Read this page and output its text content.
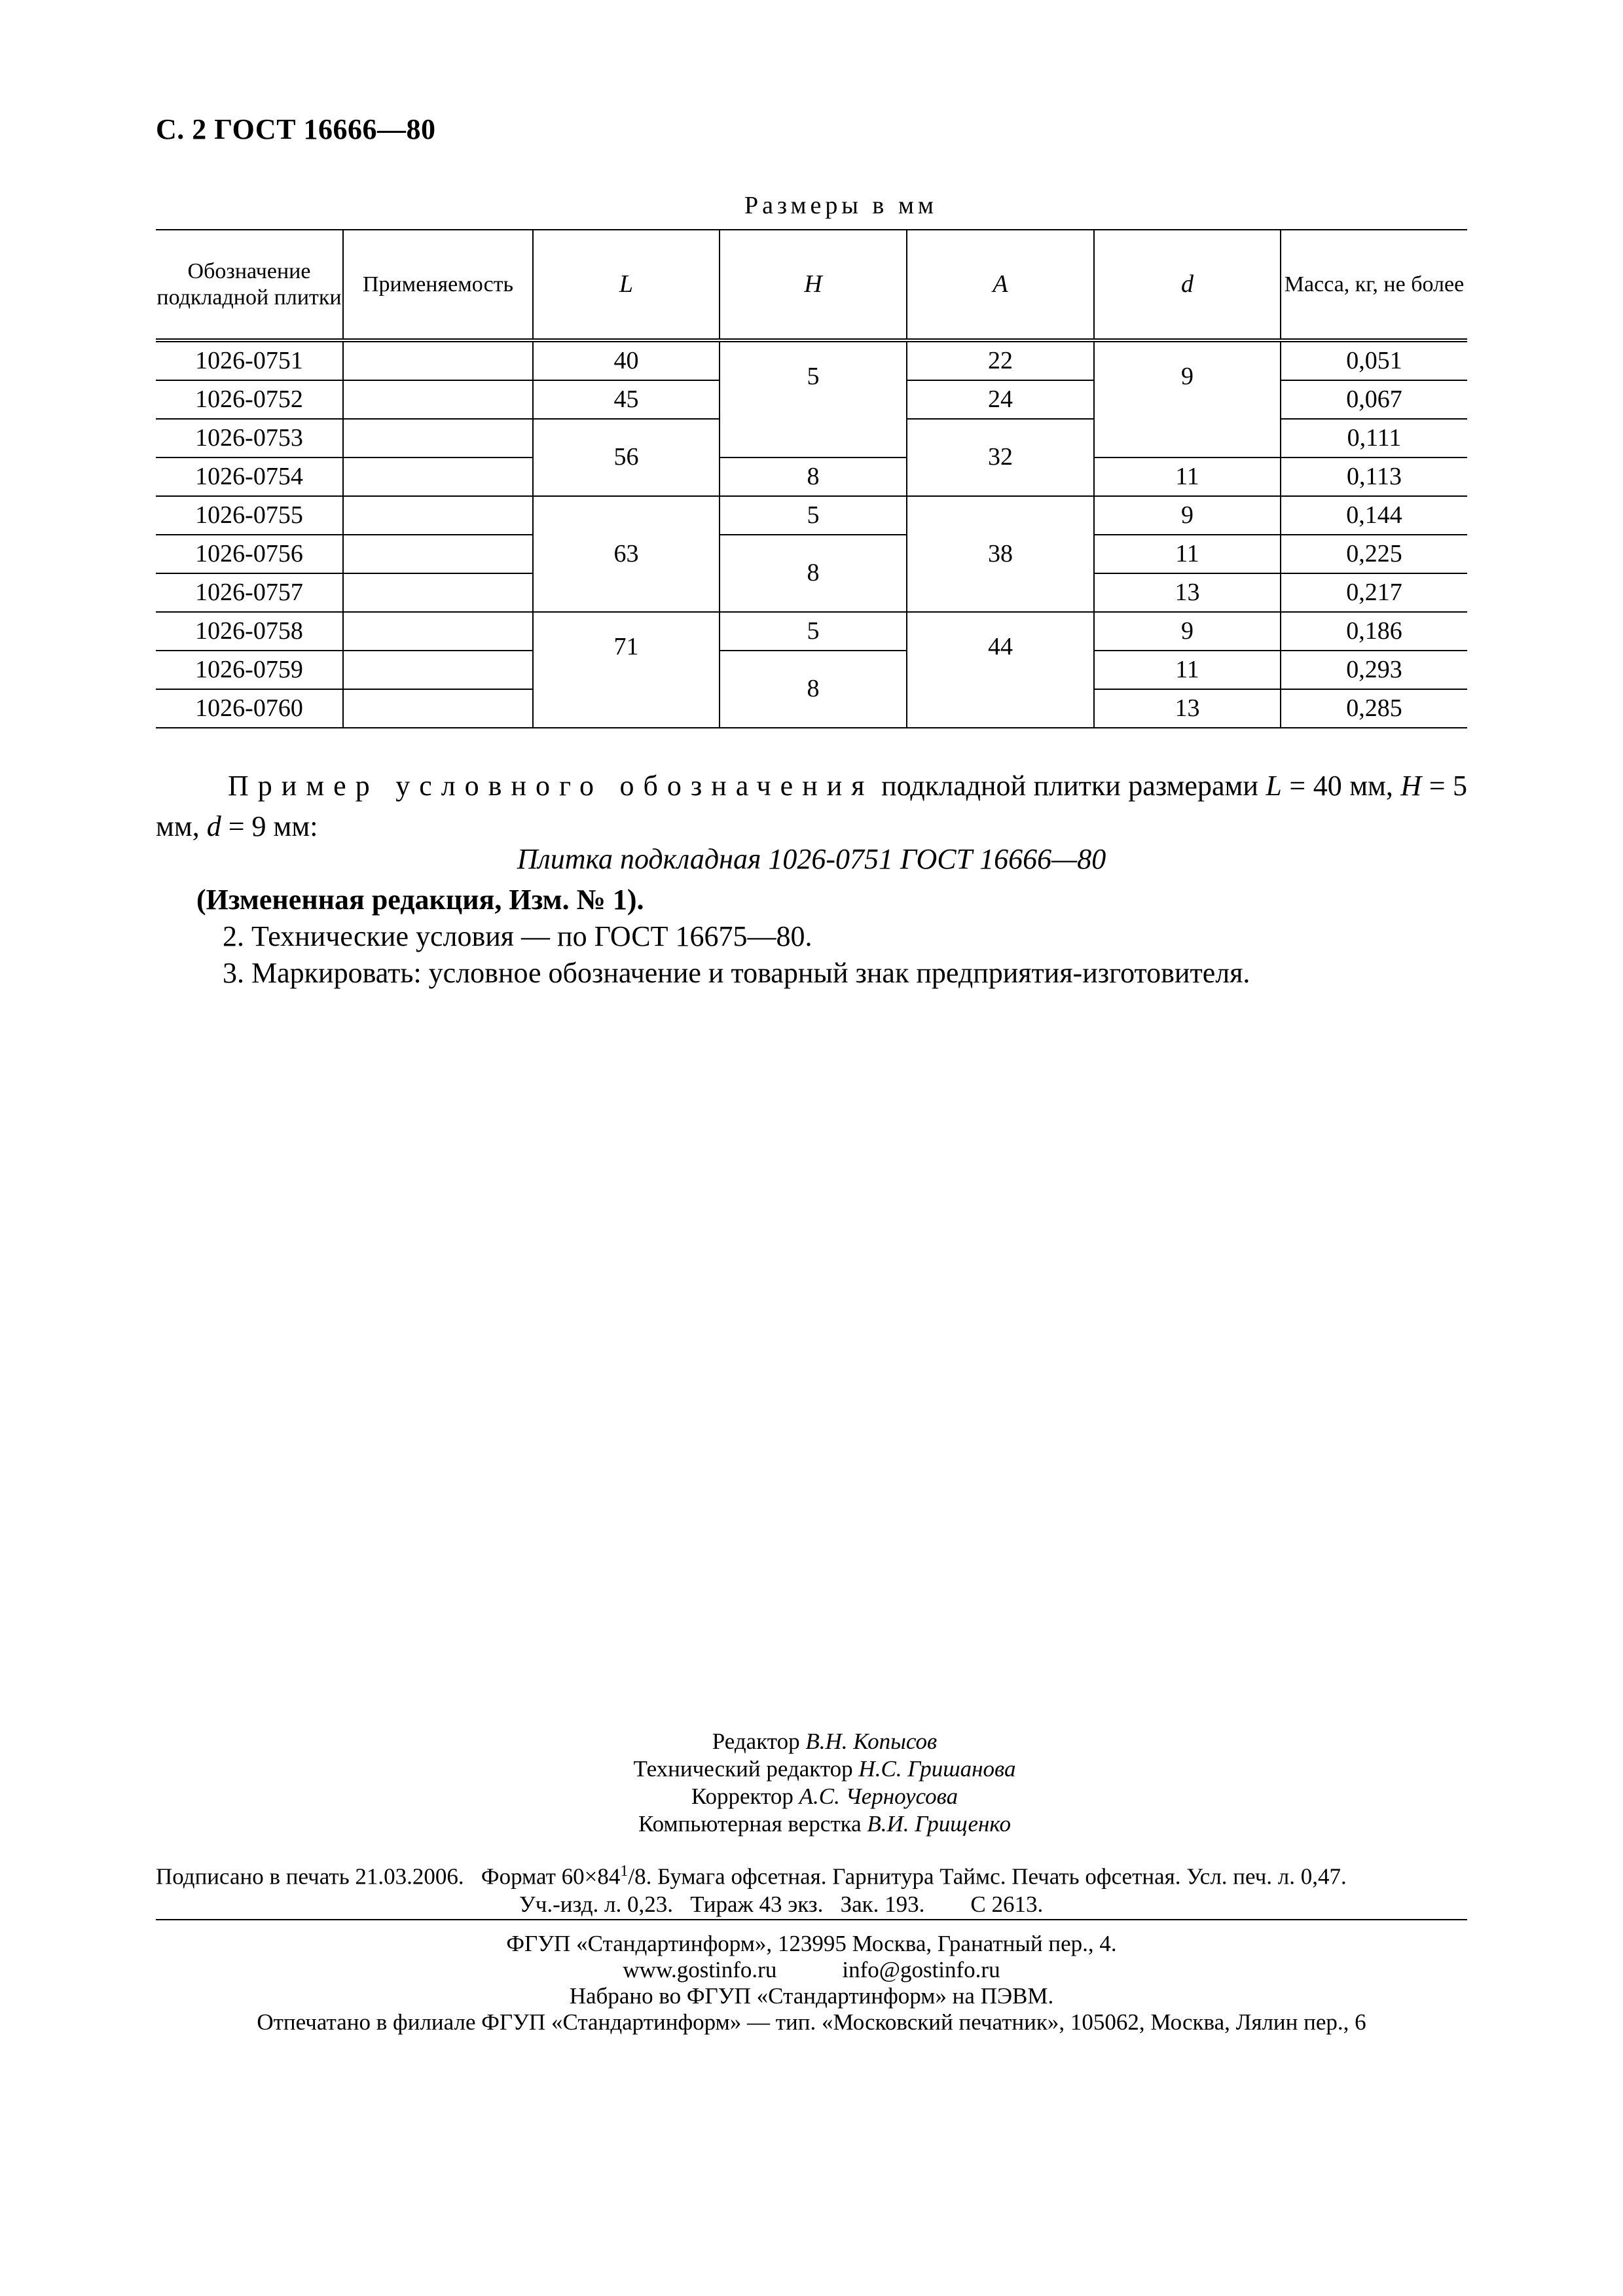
С. 2 ГОСТ 16666—80
Размеры в мм
Обозначение подкладной плитки	Применяемость	L	H	A	d	Масса, кг, не более
1026-0751		40	5	22	9	0,051
1026-0752		45		24		0,067
1026-0753		56		32		0,111
1026-0754			8		11	0,113
1026-0755		63	5	38	9	0,144
1026-0756			8		11	0,225
1026-0757					13	0,217
1026-0758		71	5	44	9	0,186
1026-0759			8		11	0,293
1026-0760					13	0,285
Пример условного обозначения подкладной плитки размерами L = 40 мм, H = 5 мм, d = 9 мм:
Плитка подкладная 1026-0751 ГОСТ 16666—80
(Измененная редакция, Изм. № 1).
2. Технические условия — по ГОСТ 16675—80.
3. Маркировать: условное обозначение и товарный знак предприятия-изготовителя.
Редактор В.Н. Копысов
Технический редактор Н.С. Гришанова
Корректор А.С. Черноусова
Компьютерная верстка В.И. Грищенко
Подписано в печать 21.03.2006. Формат $60\times 84^1/8$. Бумага офсетная. Гарнитура Таймс. Печать офсетная. Усл. печ. л. 0,47.
Уч.-изд. л. 0,23.   Тираж 43 экз.   Зак. 193.        С 2613.
ФГУП «Стандартинформ», 123995 Москва, Гранатный пер., 4.
www.gostinfo.ru	info@gostinfo.ru
Набрано во ФГУП «Стандартинформ» на ПЭВМ.
Отпечатано в филиале ФГУП «Стандартинформ» — тип. «Московский печатник», 105062, Москва, Лялин пер., 6
